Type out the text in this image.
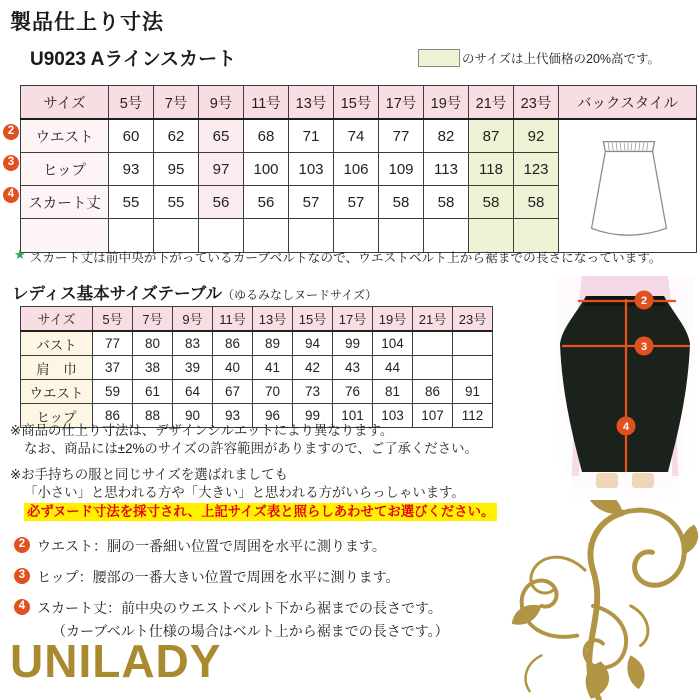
製品仕上り寸法
U9023 Aラインスカート	のサイズは上代価格の20%高です。
2
3
4
サイズ	5号	7号	9号	11号	13号	15号	17号	19号	21号	23号	バックスタイル
ウエスト	60	62	65	68	71	74	77	82	87	92	
ヒップ	93	95	97	100	103	106	109	113	118	123	
スカート丈	55	55	56	56	57	57	58	58	58	58	

★ スカート丈は前中央が下がっているカーブベルトなので、ウエストベルト上から裾までの長さになっています。
レディス基本サイズテーブル（ゆるみなしヌードサイズ）
サイズ	5号	7号	9号	11号	13号	15号	17号	19号	21号	23号
バスト	77	80	83	86	89	94	99	104		
肩　巾	37	38	39	40	41	42	43	44		
ウエスト	59	61	64	67	70	73	76	81	86	91
ヒップ	86	88	90	93	96	99	101	103	107	112
※商品の仕上り寸法は、デザインシルエットにより異なります。
なお、商品には±2%のサイズの許容範囲がありますので、ご了承ください。
※お手持ちの服と同じサイズを選ばれましても
「小さい」と思われる方や「大きい」と思われる方がいらっしゃいます。
必ずヌード寸法を採寸され、上記サイズ表と照らしあわせてお選びください。
2 ウエスト：胴の一番細い位置で周囲を水平に測ります。
3 ヒップ：腰部の一番大きい位置で周囲を水平に測ります。
4 スカート丈：前中央のウエストベルト下から裾までの長さです。
（カーブベルト仕様の場合はベルト上から裾までの長さです。）
UNILADY
2
3
4
